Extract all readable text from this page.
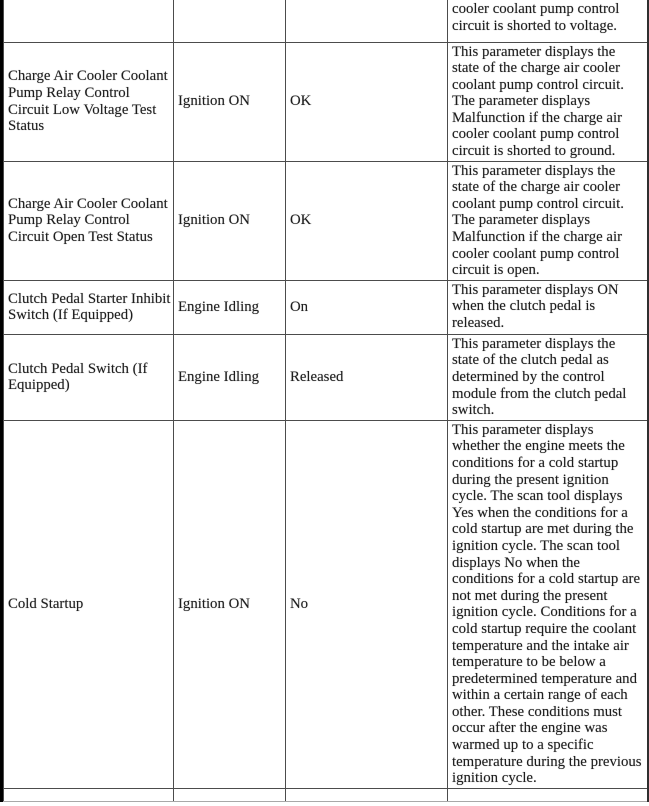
			cooler coolant pump control circuit is shorted to voltage.
Charge Air Cooler Coolant Pump Relay Control Circuit Low Voltage Test Status	Ignition ON	OK	This parameter displays the state of the charge air cooler coolant pump control circuit. The parameter displays Malfunction if the charge air cooler coolant pump control circuit is shorted to ground.
Charge Air Cooler Coolant Pump Relay Control Circuit Open Test Status	Ignition ON	OK	This parameter displays the state of the charge air cooler coolant pump control circuit. The parameter displays Malfunction if the charge air cooler coolant pump control circuit is open.
Clutch Pedal Starter Inhibit Switch (If Equipped)	Engine Idling	On	This parameter displays ON when the clutch pedal is released.
Clutch Pedal Switch (If Equipped)	Engine Idling	Released	This parameter displays the state of the clutch pedal as determined by the control module from the clutch pedal switch.
Cold Startup	Ignition ON	No	This parameter displays whether the engine meets the conditions for a cold startup during the present ignition cycle. The scan tool displays Yes when the conditions for a cold startup are met during the ignition cycle. The scan tool displays No when the conditions for a cold startup are not met during the present ignition cycle. Conditions for a cold startup require the coolant temperature and the intake air temperature to be below a predetermined temperature and within a certain range of each other. These conditions must occur after the engine was warmed up to a specific temperature during the previous ignition cycle.
